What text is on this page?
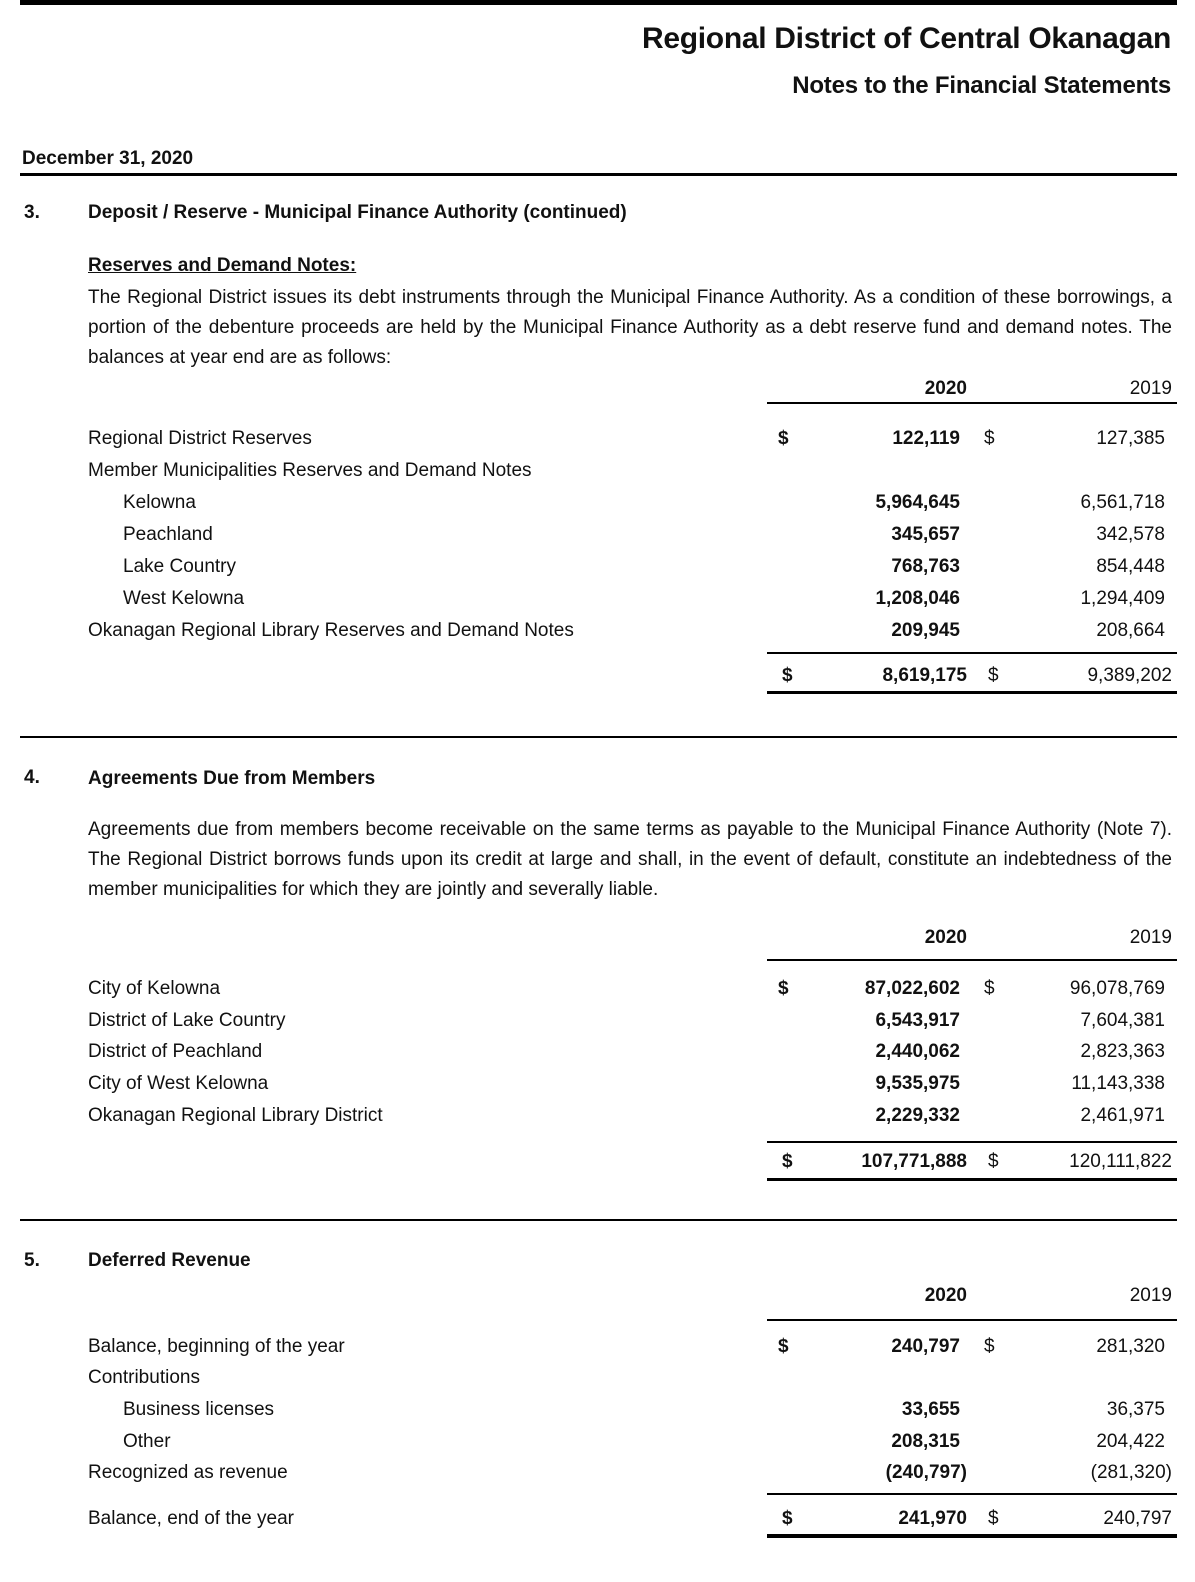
Regional District of Central Okanagan
Notes to the Financial Statements
December 31, 2020
3.	Deposit / Reserve - Municipal Finance Authority (continued)
Reserves and Demand Notes:
The Regional District issues its debt instruments through the Municipal Finance Authority. As a condition of these borrowings, a portion of the debenture proceeds are held by the Municipal Finance Authority as a debt reserve fund and demand notes. The balances at year end are as follows:
2020	2019
Regional District Reserves	$	122,119 $	127,385
Member Municipalities Reserves and Demand Notes
Kelowna	5,964,645	6,561,718
Peachland	345,657	342,578
Lake Country	768,763	854,448
West Kelowna	1,208,046	1,294,409
Okanagan Regional Library Reserves and Demand Notes	209,945	208,664
$	8,619,175 $	9,389,202
4.	Agreements Due from Members
Agreements due from members become receivable on the same terms as payable to the Municipal Finance Authority (Note 7). The Regional District borrows funds upon its credit at large and shall, in the event of default, constitute an indebtedness of the member municipalities for which they are jointly and severally liable.
2020	2019
City of Kelowna	$	87,022,602 $	96,078,769
District of Lake Country	6,543,917	7,604,381
District of Peachland	2,440,062	2,823,363
City of West Kelowna	9,535,975	11,143,338
Okanagan Regional Library District	2,229,332	2,461,971
$	107,771,888 $	120,111,822
5.	Deferred Revenue
2020	2019
Balance, beginning of the year	$	240,797 $	281,320
Contributions
Business licenses	33,655	36,375
Other	208,315	204,422
Recognized as revenue	(240,797)	(281,320)
Balance, end of the year	$	241,970 $	240,797
